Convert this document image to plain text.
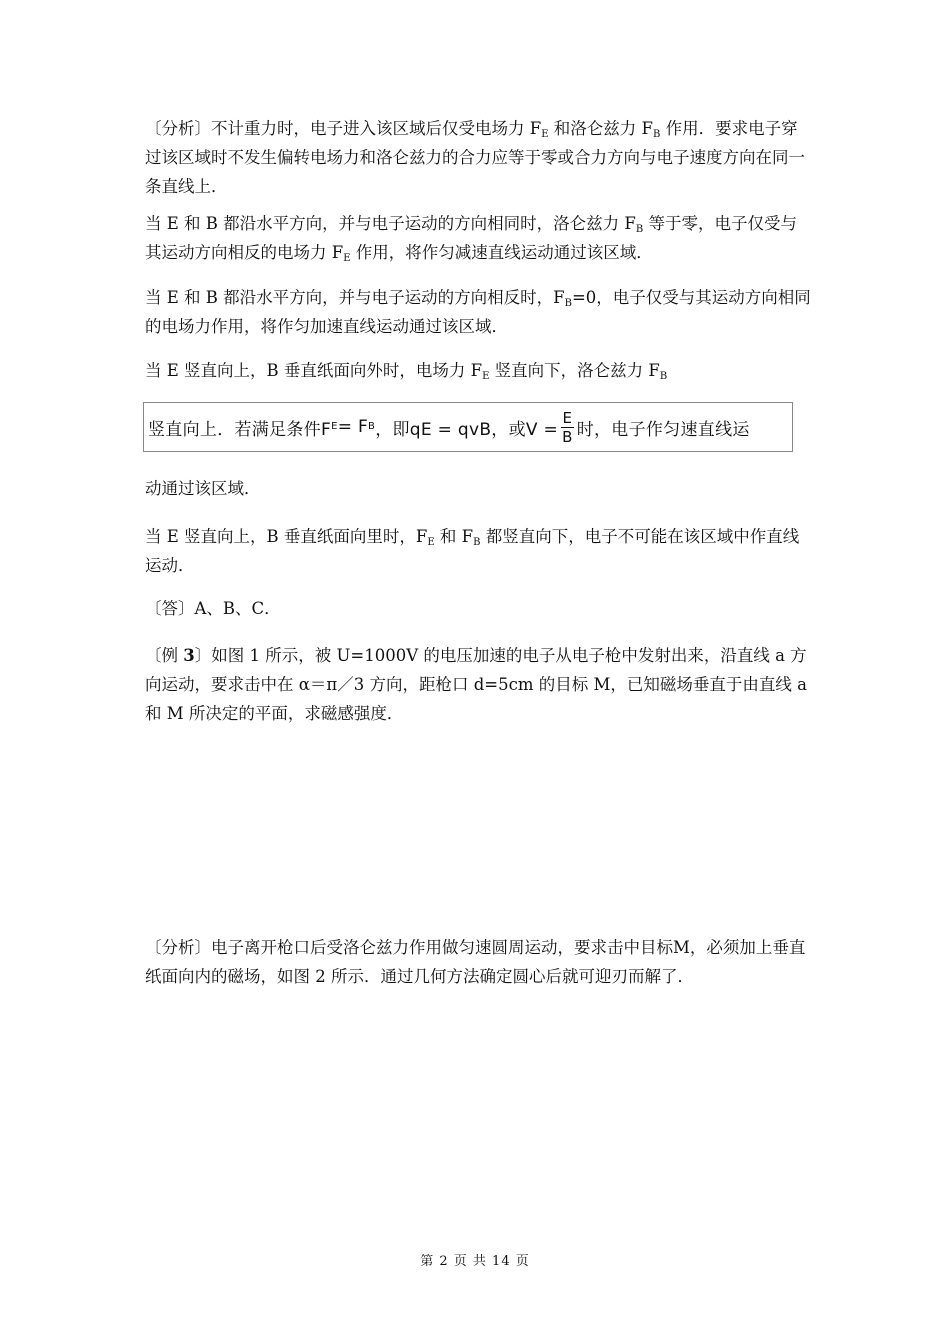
〔分析〕不计重力时，电子进入该区域后仅受电场力 $F_E$ 和洛仑兹力 $F_B$ 作用．要求电子穿过该区域时不发生偏转电场力和洛仑兹力的合力应等于零或合力方向与电子速度方向在同一条直线上．
当 E 和 B 都沿水平方向，并与电子运动的方向相同时，洛仑兹力 $F_B$ 等于零，电子仅受与其运动方向相反的电场力 $F_E$ 作用，将作匀减速直线运动通过该区域．
当 E 和 B 都沿水平方向，并与电子运动的方向相反时，$F_B=0$，电子仅受与其运动方向相同的电场力作用，将作匀加速直线运动通过该区域．
当 E 竖直向上，B 垂直纸面向外时，电场力 $F_E$ 竖直向下，洛仑兹力 $F_B$
竖直向上．若满足条件F E = F B ，即qE = qvB，或$V = \frac{E}{B}$ 时，电子作匀速直线运
动通过该区域．
当 E 竖直向上，B 垂直纸面向里时，$F_E$ 和 $F_B$ 都竖直向下，电子不可能在该区域中作直线运动．
〔答〕A、B、C．
〔例 3〕如图 1 所示，被 U=1000V 的电压加速的电子从电子枪中发射出来，沿直线 a 方向运动，要求击中在 α＝π／3 方向，距枪口 d=5cm 的目标 M，已知磁场垂直于由直线 a 和 M 所决定的平面，求磁感强度．
〔分析〕电子离开枪口后受洛仑兹力作用做匀速圆周运动，要求击中目标M，必须加上垂直纸面向内的磁场，如图 2 所示．通过几何方法确定圆心后就可迎刃而解了．
第 2 页 共 14 页
